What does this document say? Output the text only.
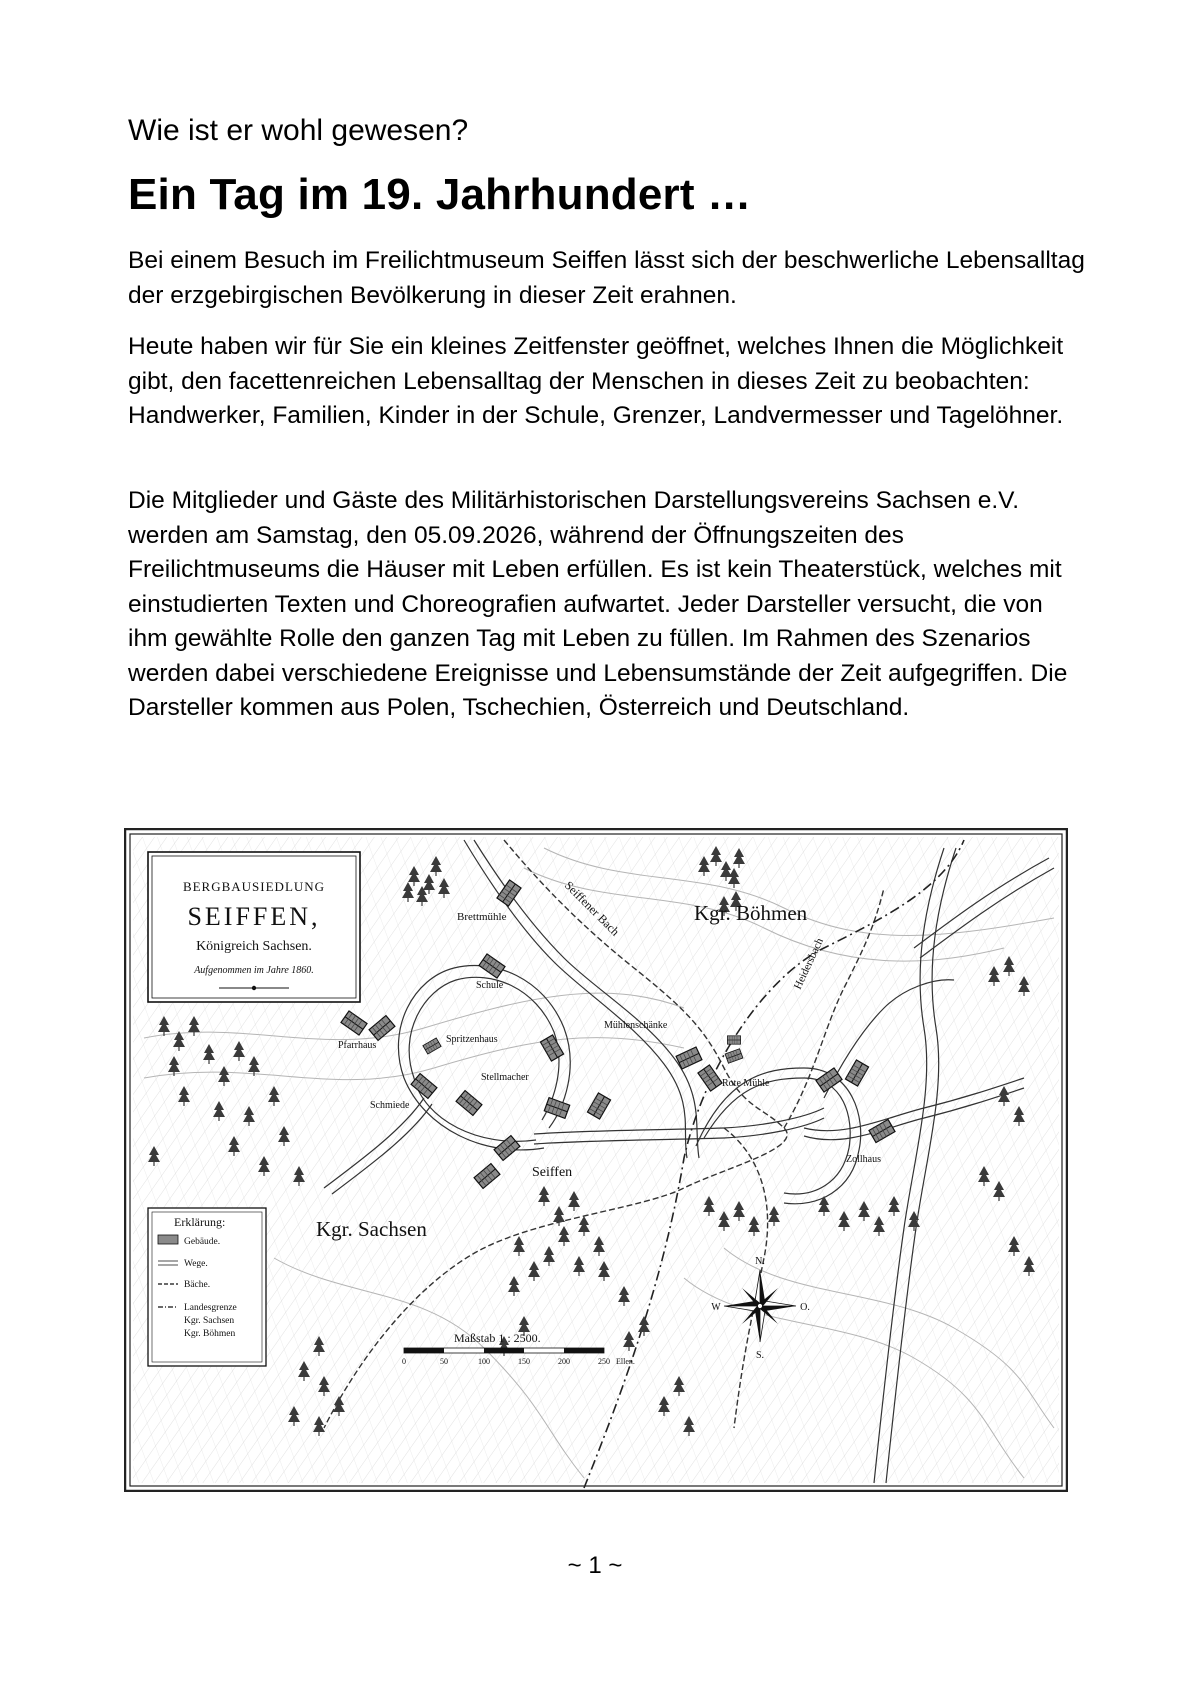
Wie ist er wohl gewesen?

Ein Tag im 19. Jahrhundert …

Bei einem Besuch im Freilichtmuseum Seiffen lässt sich der beschwerliche Lebensalltag der erzgebirgischen Bevölkerung in dieser Zeit erahnen.

Heute haben wir für Sie ein kleines Zeitfenster geöffnet, welches Ihnen die Möglichkeit gibt, den facettenreichen Lebensalltag der Menschen in dieses Zeit zu beobachten: Handwerker, Familien, Kinder in der Schule, Grenzer, Landvermesser und Tagelöhner.

Die Mitglieder und Gäste des Militärhistorischen Darstellungsvereins Sachsen e.V. werden am Samstag, den 05.09.2026, während der Öffnungszeiten des Freilichtmuseums die Häuser mit Leben erfüllen. Es ist kein Theaterstück, welches mit einstudierten Texten und Choreografien aufwartet. Jeder Darsteller versucht, die von ihm gewählte Rolle den ganzen Tag mit Leben zu füllen. Im Rahmen des Szenarios werden dabei verschiedene Ereignisse und Lebensumstände der Zeit aufgegriffen. Die Darsteller kommen aus Polen, Tschechien, Österreich und Deutschland.

BERGBAUSIEDLUNG
SEIFFEN,
Königreich Sachsen.
Aufgenommen im Jahre 1860.
Brettmühle	Seiffener Bach	Kgr. Böhmen
Heidersbach
Schule
Mühlenschänke
Pfarrhaus
Spritzenhaus
Stellmacher
Rote Mühle
Schmiede
Zollhaus
Seiffen
Kgr. Sachsen
Erklärung:
Gebäude.
Wege.
Bäche.
Landesgrenze
Kgr. Sachsen
Kgr. Böhmen	Maßstab 1 : 2500.
0	50	100	150	200	250 Ellen.
N.
S.
W	O.

~ 1 ~
